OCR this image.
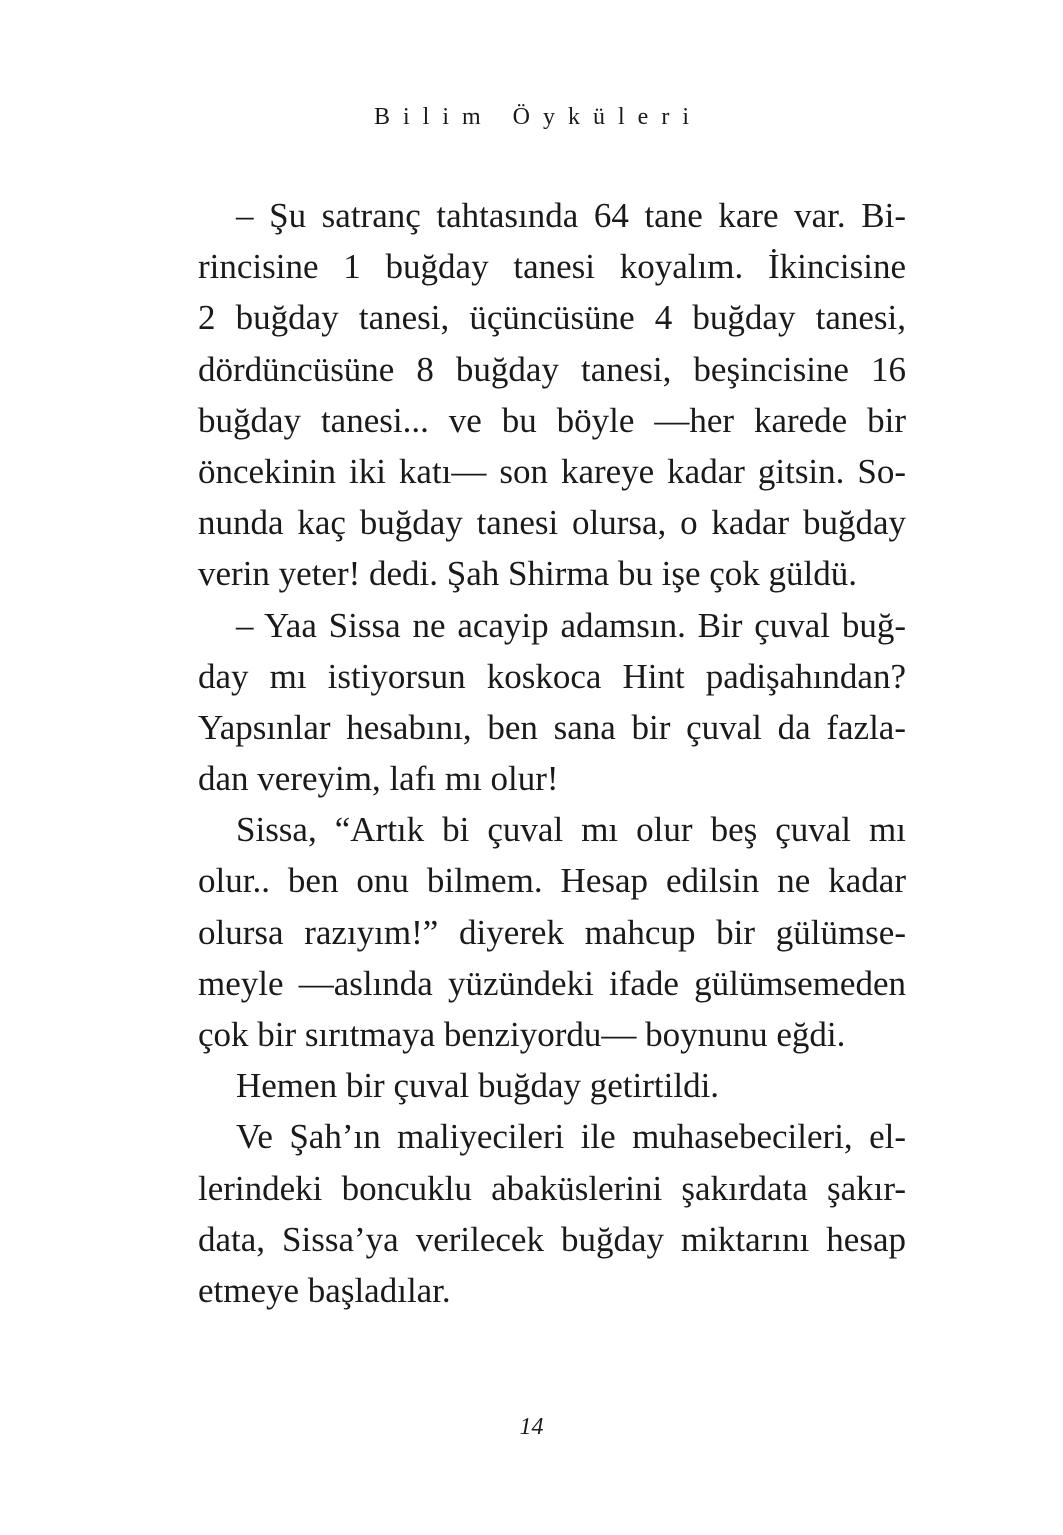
Bilim Öyküleri
– Şu satranç tahtasında 64 tane kare var. Bi-
rincisine 1 buğday tanesi koyalım. İkincisine
2 buğday tanesi, üçüncüsüne 4 buğday tanesi,
dördüncüsüne 8 buğday tanesi, beşincisine 16
buğday tanesi... ve bu böyle —her karede bir
öncekinin iki katı— son kareye kadar gitsin. So-
nunda kaç buğday tanesi olursa, o kadar buğday
verin yeter! dedi. Şah Shirma bu işe çok güldü.
– Yaa Sissa ne acayip adamsın. Bir çuval buğ-
day mı istiyorsun koskoca Hint padişahından?
Yapsınlar hesabını, ben sana bir çuval da fazla-
dan vereyim, lafı mı olur!
Sissa, “Artık bi çuval mı olur beş çuval mı
olur.. ben onu bilmem. Hesap edilsin ne kadar
olursa razıyım!” diyerek mahcup bir gülümse-
meyle —aslında yüzündeki ifade gülümsemeden
çok bir sırıtmaya benziyordu— boynunu eğdi.
Hemen bir çuval buğday getirtildi.
Ve Şah’ın maliyecileri ile muhasebecileri, el-
lerindeki boncuklu abaküslerini şakırdata şakır-
data, Sissa’ya verilecek buğday miktarını hesap
etmeye başladılar.
14
